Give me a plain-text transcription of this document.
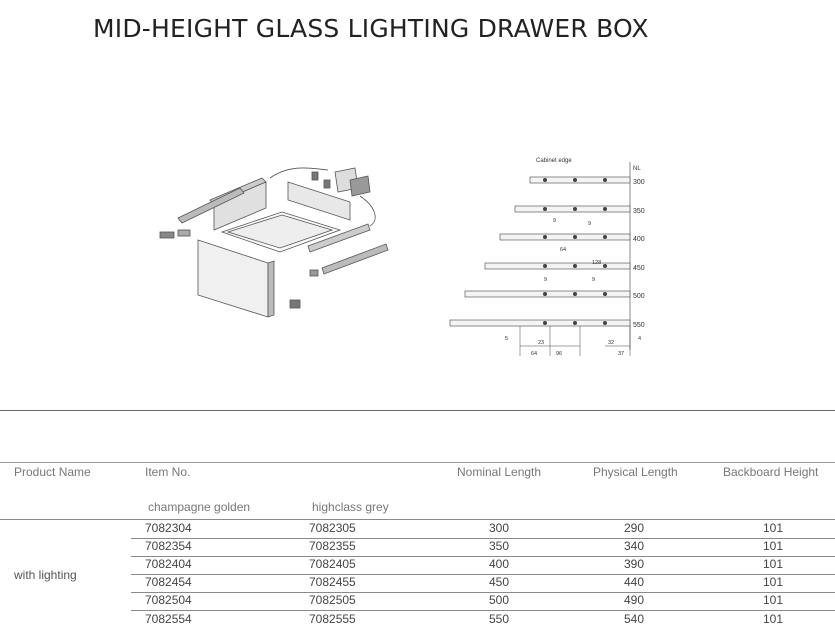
MID-HEIGHT GLASS LIGHTING DRAWER BOX
Cabinet edge
NL
300
350
400
450
500
550
9	9
64
9
128
9
23
64	96
32
37
4
5
Product Name	Item No.	Nominal Length	Physical Length	Backboard Height
champagne golden	highclass grey
with lighting
7082304	7082305	300	290	101
7082354	7082355	350	340	101
7082404	7082405	400	390	101
7082454	7082455	450	440	101
7082504	7082505	500	490	101
7082554	7082555	550	540	101
